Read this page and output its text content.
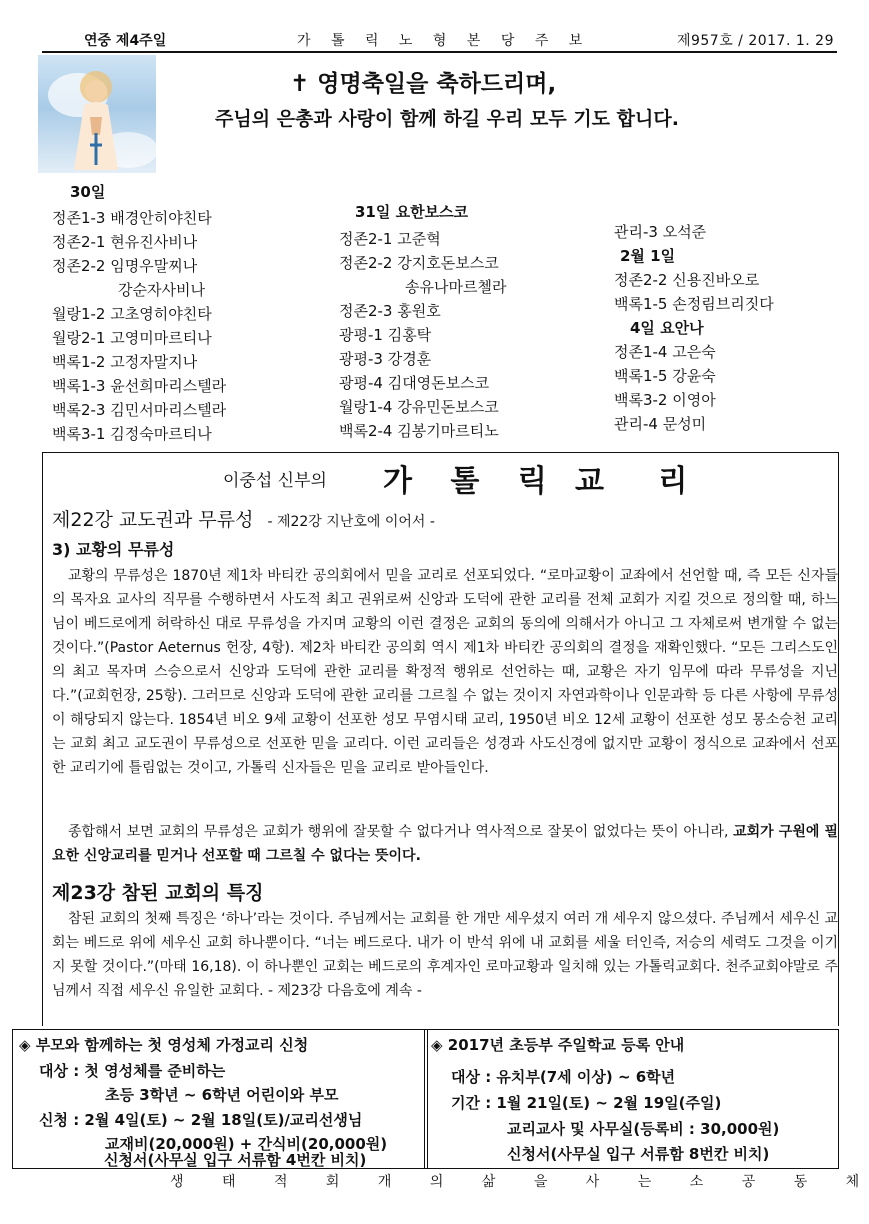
연중 제4주일	가 톨 릭 노 형 본 당 주 보	제957호 / 2017. 1. 29
✝ 영명축일을 축하드리며,
주님의 은총과 사랑이 함께 하길 우리 모두 기도 합니다.
30일
정존1-3 배경안히야친타
정존2-1 현유진사비나
정존2-2 임명우말찌나
강순자사비나
월랑1-2 고초영히야친타
월랑2-1 고영미마르티나
백록1-2 고정자말지나
백록1-3 윤선희마리스텔라
백록2-3 김민서마리스텔라
백록3-1 김정숙마르티나
31일 요한보스코
정존2-1 고준혁
정존2-2 강지호돈보스코
송유나마르첼라
정존2-3 홍원호
광평-1 김홍탁
광평-3 강경훈
광평-4 김대영돈보스코
월랑1-4 강유민돈보스코
백록2-4 김봉기마르티노
관리-3 오석준
2월 1일
정존2-2 신용진바오로
백록1-5 손정림브리짓다
4일 요안나
정존1-4 고은숙
백록1-5 강윤숙
백록3-2 이영아
관리-4 문성미
이중섭 신부의 가 톨 릭 교 리
제22강 교도권과 무류성 - 제22강 지난호에 이어서 -
3) 교황의 무류성

교황의 무류성은 1870년 제1차 바티칸 공의회에서 믿을 교리로 선포되었다. “로마교황이 교좌에서 선언할 때, 즉 모든 신자들의 목자요 교사의 직무를 수행하면서 사도적 최고 권위로써 신앙과 도덕에 관한 교리를 전체 교회가 지킬 것으로 정의할 때, 하느님이 베드로에게 허락하신 대로 무류성을 가지며 교황의 이런 결정은 교회의 동의에 의해서가 아니고 그 자체로써 변개할 수 없는 것이다.”(Pastor Aeternus 헌장, 4항). 제2차 바티칸 공의회 역시 제1차 바티칸 공의회의 결정을 재확인했다. “모든 그리스도인의 최고 목자며 스승으로서 신앙과 도덕에 관한 교리를 확정적 행위로 선언하는 때, 교황은 자기 임무에 따라 무류성을 지닌다.”(교회헌장, 25항). 그러므로 신앙과 도덕에 관한 교리를 그르칠 수 없는 것이지 자연과학이나 인문과학 등 다른 사항에 무류성이 해당되지 않는다. 1854년 비오 9세 교황이 선포한 성모 무염시태 교리, 1950년 비오 12세 교황이 선포한 성모 몽소승천 교리는 교회 최고 교도권이 무류성으로 선포한 믿을 교리다. 이런 교리들은 성경과 사도신경에 없지만 교황이 정식으로 교좌에서 선포한 교리기에 틀림없는 것이고, 가톨릭 신자들은 믿을 교리로 받아들인다.

종합해서 보면 교회의 무류성은 교회가 행위에 잘못할 수 없다거나 역사적으로 잘못이 없었다는 뜻이 아니라, 교회가 구원에 필요한 신앙교리를 믿거나 선포할 때 그르칠 수 없다는 뜻이다.

제23강 참된 교회의 특징

참된 교회의 첫째 특징은 ‘하나’라는 것이다. 주님께서는 교회를 한 개만 세우셨지 여러 개 세우지 않으셨다. 주님께서 세우신 교회는 베드로 위에 세우신 교회 하나뿐이다. “너는 베드로다. 내가 이 반석 위에 내 교회를 세울 터인즉, 저승의 세력도 그것을 이기지 못할 것이다.”(마태 16,18). 이 하나뿐인 교회는 베드로의 후계자인 로마교황과 일치해 있는 가톨릭교회다. 천주교회야말로 주님께서 직접 세우신 유일한 교회다. - 제23강 다음호에 계속 -

◈ 부모와 함께하는 첫 영성체 가정교리 신청
대상 : 첫 영성체를 준비하는
초등 3학년 ~ 6학년 어린이와 부모
신청 : 2월 4일(토) ~ 2월 18일(토)/교리선생님
교재비(20,000원) + 간식비(20,000원)
신청서(사무실 입구 서류함 4번칸 비치)
◈ 2017년 초등부 주일학교 등록 안내
대상 : 유치부(7세 이상) ~ 6학년
기간 : 1월 21일(토) ~ 2월 19일(주일)
교리교사 및 사무실(등록비 : 30,000원)
신청서(사무실 입구 서류함 8번칸 비치)
생 태 적 회 개 의 삶 을 사 는 소 공 동 체
